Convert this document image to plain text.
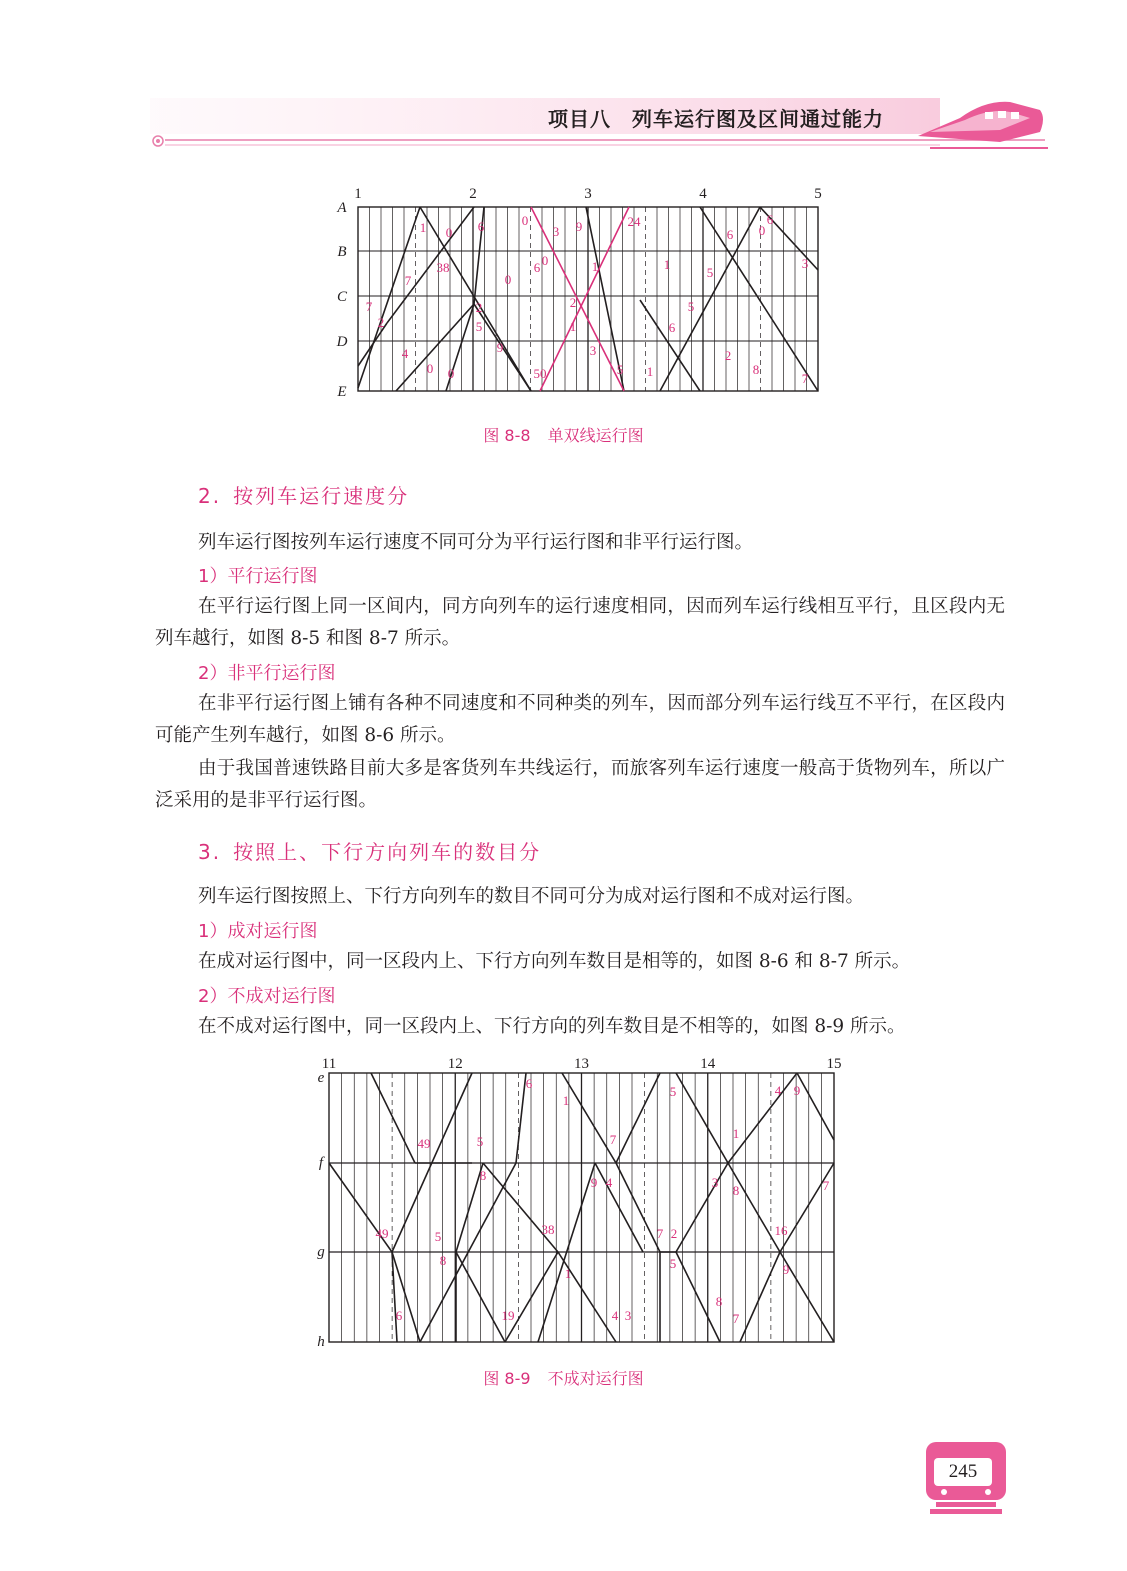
项目八　列车运行图及区间通过能力
1	2	3	4	5
A
B
C
D
E
1 0 6	0
3 9	24
6
6
0
7
38
0
6 0	1	1
5
3
7
2
2
5
2
1
5
6
4
0
9	3	2
0	50	5 1	8
7
图 8-8 单双线运行图
2. 按列车运行速度分
列车运行图按列车运行速度不同可分为平行运行图和非平行运行图。
1）平行运行图
在平行运行图上同一区间内，同方向列车的运行速度相同，因而列车运行线相互平行，且区段内无列车越行，如图 8-5 和图 8-7 所示。
2）非平行运行图
在非平行运行图上铺有各种不同速度和不同种类的列车，因而部分列车运行线互不平行，在区段内可能产生列车越行，如图 8-6 所示。
由于我国普速铁路目前大多是客货列车共线运行，而旅客列车运行速度一般高于货物列车，所以广泛采用的是非平行运行图。
3. 按照上、下行方向列车的数目分
列车运行图按照上、下行方向列车的数目不同可分为成对运行图和不成对运行图。
1）成对运行图
在成对运行图中，同一区段内上、下行方向列车数目是相等的，如图 8-6 和 8-7 所示。
2）不成对运行图
在不成对运行图中，同一区段内上、下行方向的列车数目是不相等的，如图 8-9 所示。
11	12	13	14	15
e
f
g
h
6
1
5	4 9
49	5	7	1
8	9 4	3
8	7
49	5	38	7 2	16
8
1
5	9
8
6	19	4 3	7
图 8-9 不成对运行图
245
